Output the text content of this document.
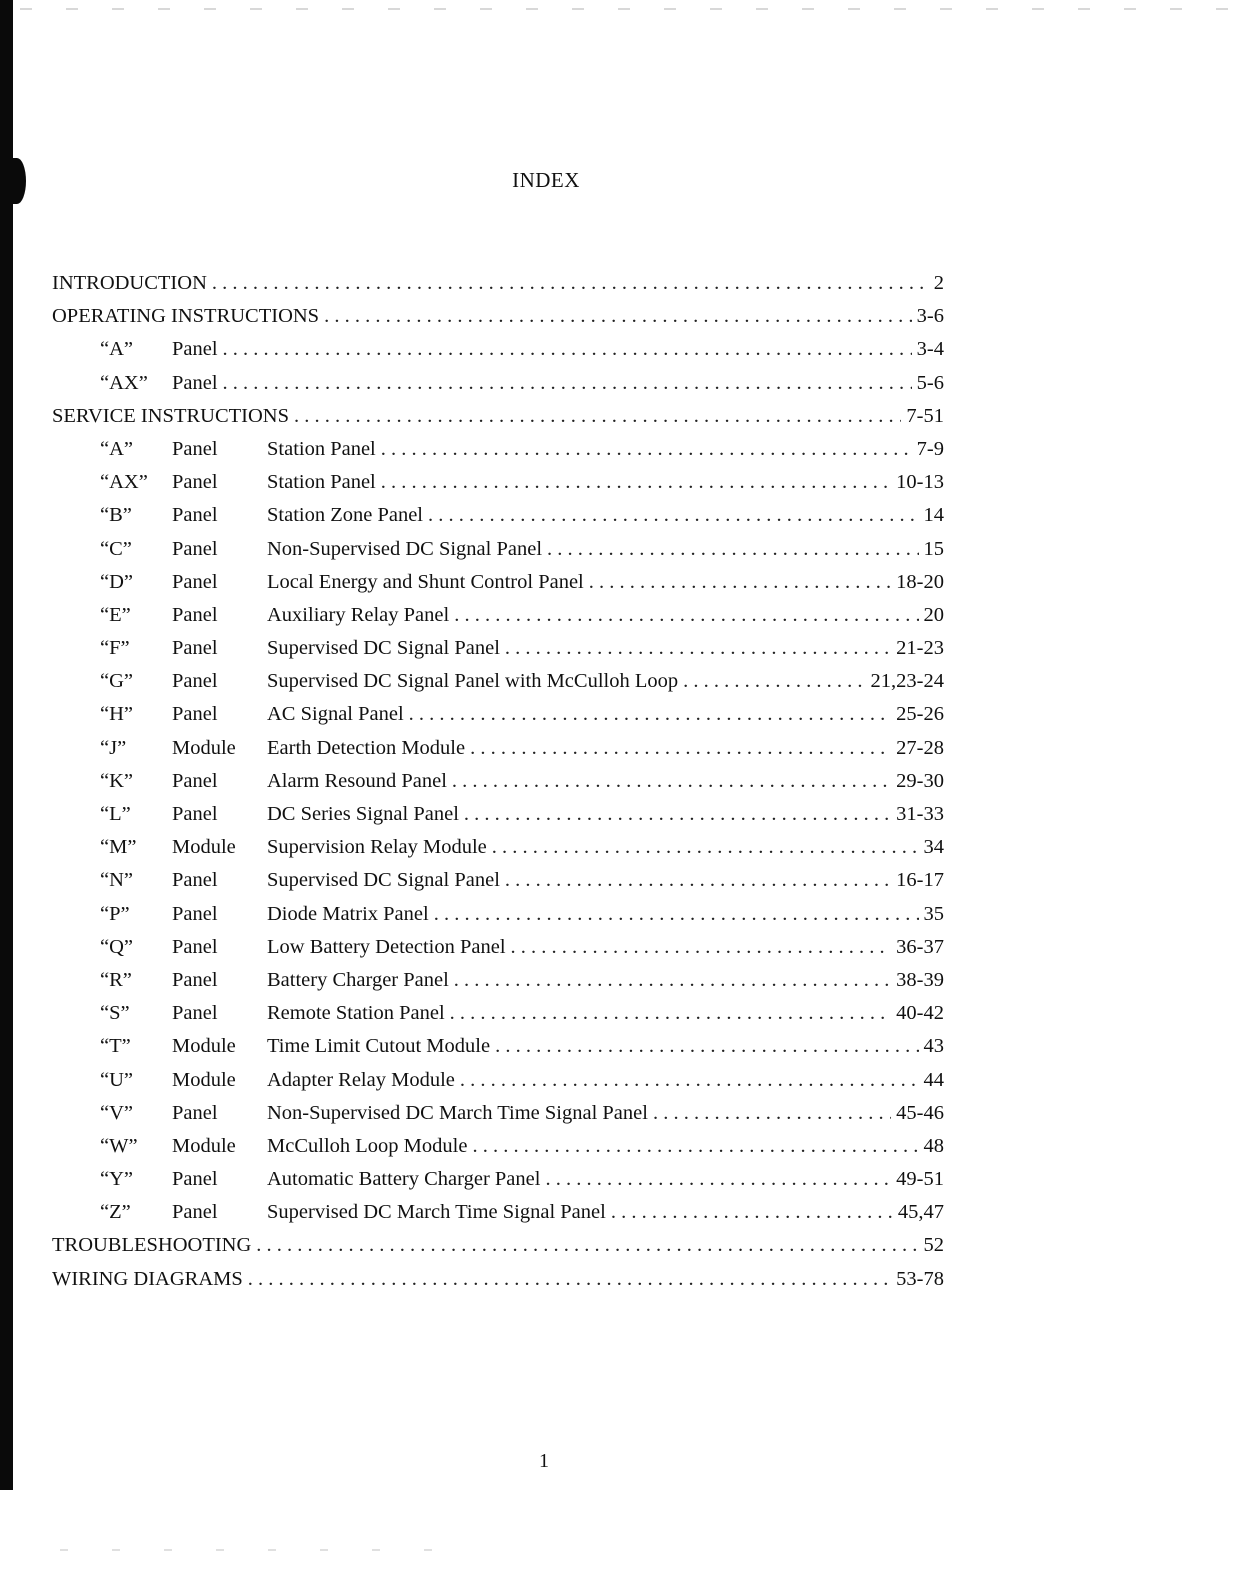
INDEX
INTRODUCTION . . .	2
OPERATING INSTRUCTIONS . . .	3-6
“A”	Panel . . .	3-4
“AX”	Panel . . .	5-6
SERVICE INSTRUCTIONS . . .	7-51
“A”	Panel	Station Panel . . .	7-9
“AX”	Panel	Station Panel . . .	10-13
“B”	Panel	Station Zone Panel . . .	14
“C”	Panel	Non-Supervised DC Signal Panel . . .	15
“D”	Panel	Local Energy and Shunt Control Panel . . .	18-20
“E”	Panel	Auxiliary Relay Panel . . .	20
“F”	Panel	Supervised DC Signal Panel . . .	21-23
“G”	Panel	Supervised DC Signal Panel with McCulloh Loop . . .	21,23-24
“H”	Panel	AC Signal Panel . . .	25-26
“J”	Module	Earth Detection Module . . .	27-28
“K”	Panel	Alarm Resound Panel . . .	29-30
“L”	Panel	DC Series Signal Panel . . .	31-33
“M”	Module	Supervision Relay Module . . .	34
“N”	Panel	Supervised DC Signal Panel . . .	16-17
“P”	Panel	Diode Matrix Panel . . .	35
“Q”	Panel	Low Battery Detection Panel . . .	36-37
“R”	Panel	Battery Charger Panel . . .	38-39
“S”	Panel	Remote Station Panel . . .	40-42
“T”	Module	Time Limit Cutout Module . . .	43
“U”	Module	Adapter Relay Module . . .	44
“V”	Panel	Non-Supervised DC March Time Signal Panel . . .	45-46
“W”	Module	McCulloh Loop Module . . .	48
“Y”	Panel	Automatic Battery Charger Panel . . .	49-51
“Z”	Panel	Supervised DC March Time Signal Panel . . .	45,47
TROUBLESHOOTING . . .	52
WIRING DIAGRAMS . . .	53-78
1
